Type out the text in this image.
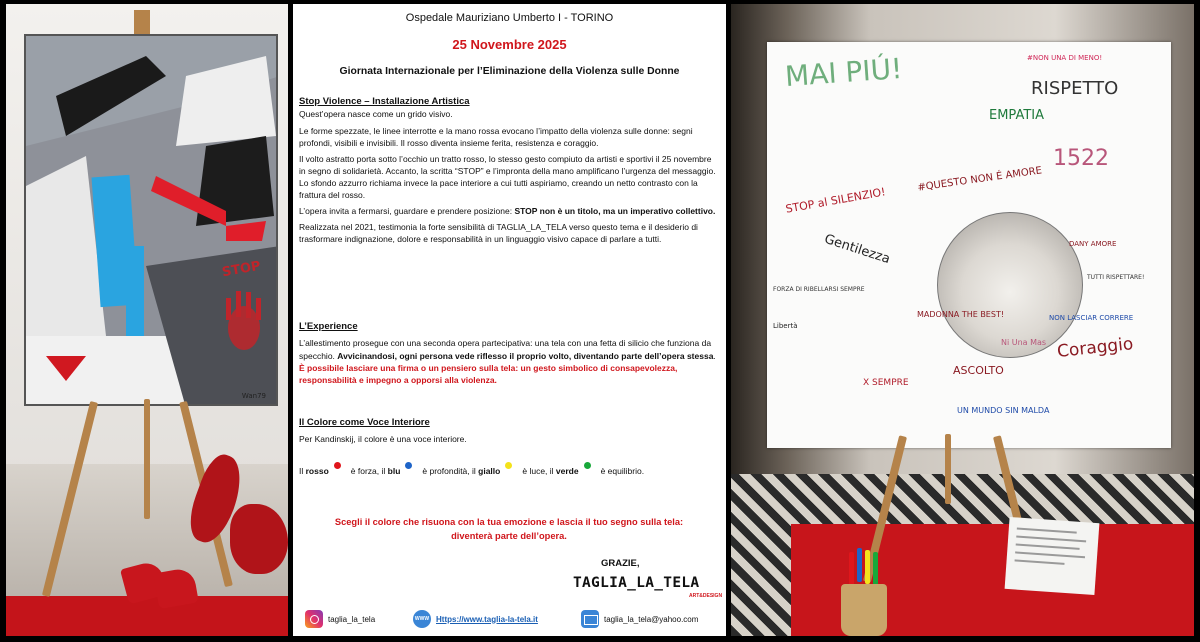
STOP
Wan79
Ospedale Mauriziano Umberto I - TORINO
25 Novembre 2025
Giornata Internazionale per l’Eliminazione della Violenza sulle Donne
Stop Violence – Installazione Artistica
Quest’opera nasce come un grido visivo.
Le forme spezzate, le linee interrotte e la mano rossa evocano l’impatto della violenza sulle donne: segni profondi, visibili e invisibili. Il rosso diventa insieme ferita, resistenza e coraggio.
Il volto astratto porta sotto l’occhio un tratto rosso, lo stesso gesto compiuto da artisti e sportivi il 25 novembre in segno di solidarietà. Accanto, la scritta “STOP” e l’impronta della mano amplificano l’urgenza del messaggio. Lo sfondo azzurro richiama invece la pace interiore a cui tutti aspiriamo, creando un netto contrasto con la frattura del rosso.
L’opera invita a fermarsi, guardare e prendere posizione: STOP non è un titolo, ma un imperativo collettivo.
Realizzata nel 2021, testimonia la forte sensibilità di TAGLIA_LA_TELA verso questo tema e il desiderio di trasformare indignazione, dolore e responsabilità in un linguaggio visivo capace di parlare a tutti.
L’Experience
L’allestimento prosegue con una seconda opera partecipativa: una tela con una fetta di silicio che funziona da specchio. Avvicinandosi, ogni persona vede riflesso il proprio volto, diventando parte dell’opera stessa. È possibile lasciare una firma o un pensiero sulla tela: un gesto simbolico di consapevolezza, responsabilità e impegno a opporsi alla violenza.
Il Colore come Voce Interiore
Per Kandinskij, il colore è una voce interiore.
Il rosso	è forza, il blu	è profondità, il giallo	è luce, il verde	è equilibrio.
Scegli il colore che risuona con la tua emozione e lascia il tuo segno sulla tela:
diventerà parte dell’opera.
GRAZIE,
TAGLIA_LA_TELA
ART&DESIGN
taglia_la_tela	WWW Https://www.taglia-la-tela.it	taglia_la_tela@yahoo.com
MAI PIÚ!	#NON UNA DI MENO!
RISPETTO
EMPATIA
1522
#QUESTO NON É AMORE
STOP al SILENZIO!
Gentilezza
MADONNA THE BEST!
Coraggio
X SEMPRE
ASCOLTO
UN MUNDO SIN MALDA
NON LASCIAR CORRERE
Ni Una Mas
DANY AMORE
FORZA DI RIBELLARSI SEMPRE
Libertà
TUTTI RISPETTARE!
